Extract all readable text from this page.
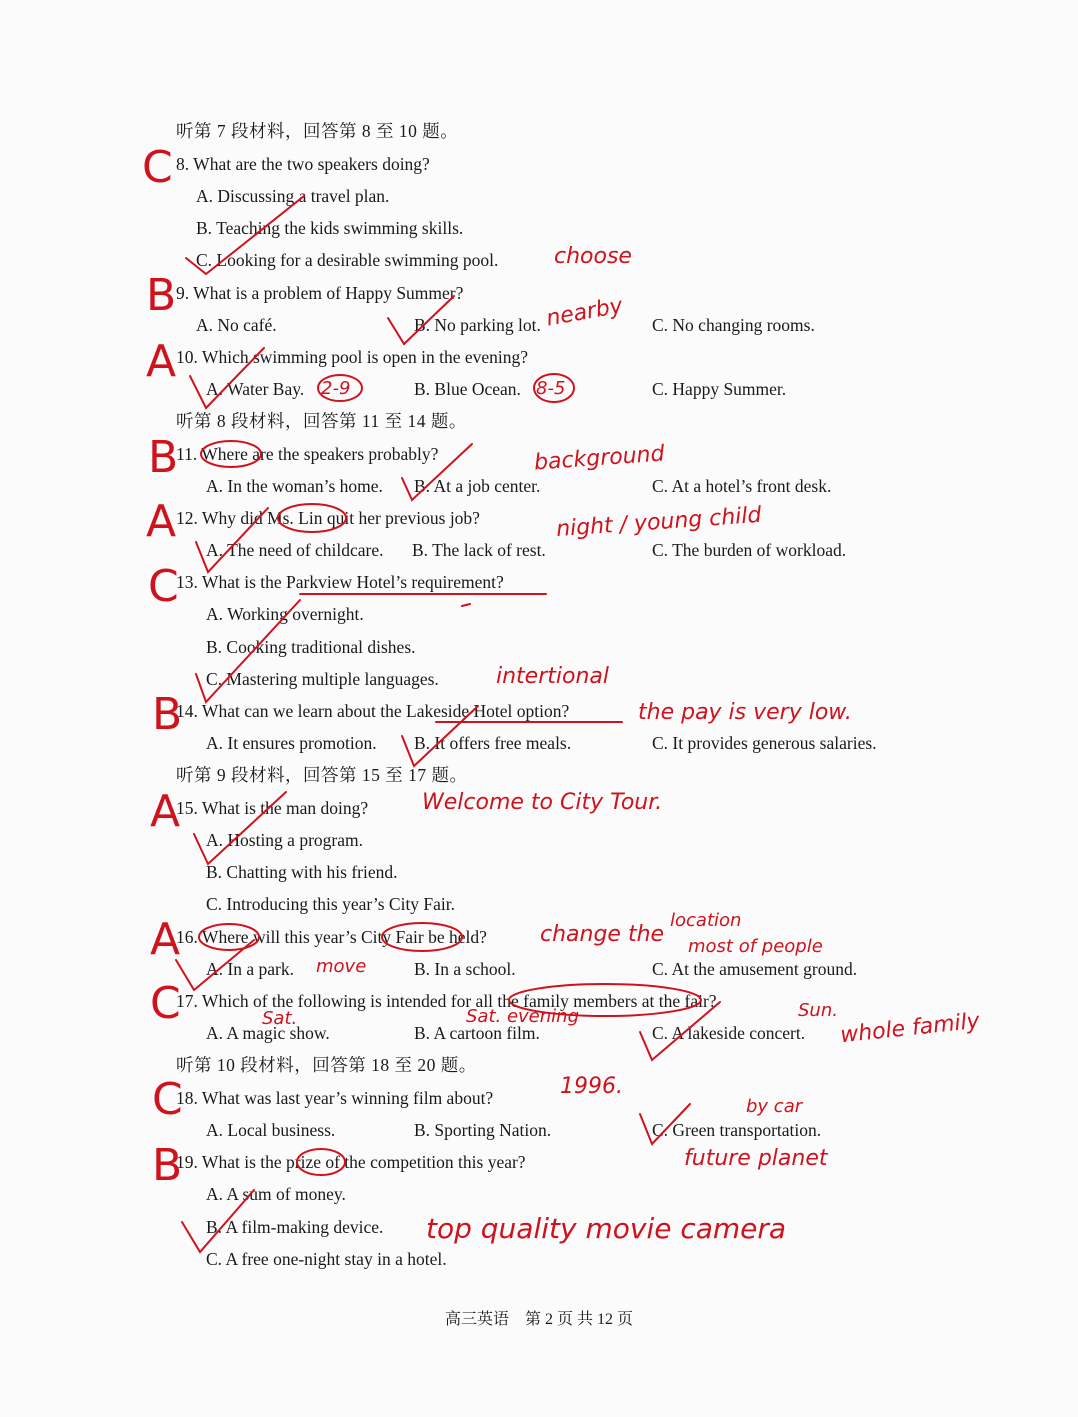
听第 7 段材料，回答第 8 至 10 题。
8. What are the two speakers doing?
A. Discussing a travel plan.
B. Teaching the kids swimming skills.
C. Looking for a desirable swimming pool.
9. What is a problem of Happy Summer?
A. No café.	B. No parking lot.	C. No changing rooms.
10. Which swimming pool is open in the evening?
A. Water Bay.	B. Blue Ocean.	C. Happy Summer.
听第 8 段材料，回答第 11 至 14 题。
11. Where are the speakers probably?
A. In the woman’s home. B. At a job center.	C. At a hotel’s front desk.
12. Why did Ms. Lin quit her previous job?
A. The need of childcare. B. The lack of rest.	C. The burden of workload.
13. What is the Parkview Hotel’s requirement?
A. Working overnight.
B. Cooking traditional dishes.
C. Mastering multiple languages.
14. What can we learn about the Lakeside Hotel option?
A. It ensures promotion. B. It offers free meals.	C. It provides generous salaries.
听第 9 段材料，回答第 15 至 17 题。
15. What is the man doing?
A. Hosting a program.
B. Chatting with his friend.
C. Introducing this year’s City Fair.
16. Where will this year’s City Fair be held?
A. In a park.	B. In a school.	C. At the amusement ground.
17. Which of the following is intended for all the family members at the fair?
A. A magic show.	B. A cartoon film.	C. A lakeside concert.
听第 10 段材料，回答第 18 至 20 题。
18. What was last year’s winning film about?
A. Local business.	B. Sporting Nation.	C. Green transportation.
19. What is the prize of the competition this year?
A. A sum of money.
B. A film-making device.
C. A free one-night stay in a hotel.
高三英语　第 2 页 共 12 页
C
B
A
B
A
C
B
A
A
C
C
B
choose
nearby
2-9	8-5
background
night / young child
intertional
the pay is very low.
Welcome to City Tour.
change the
location
most of people
move
Sat.	Sat. evening	Sun. whole family
1996.
by car
future planet
top quality movie camera
